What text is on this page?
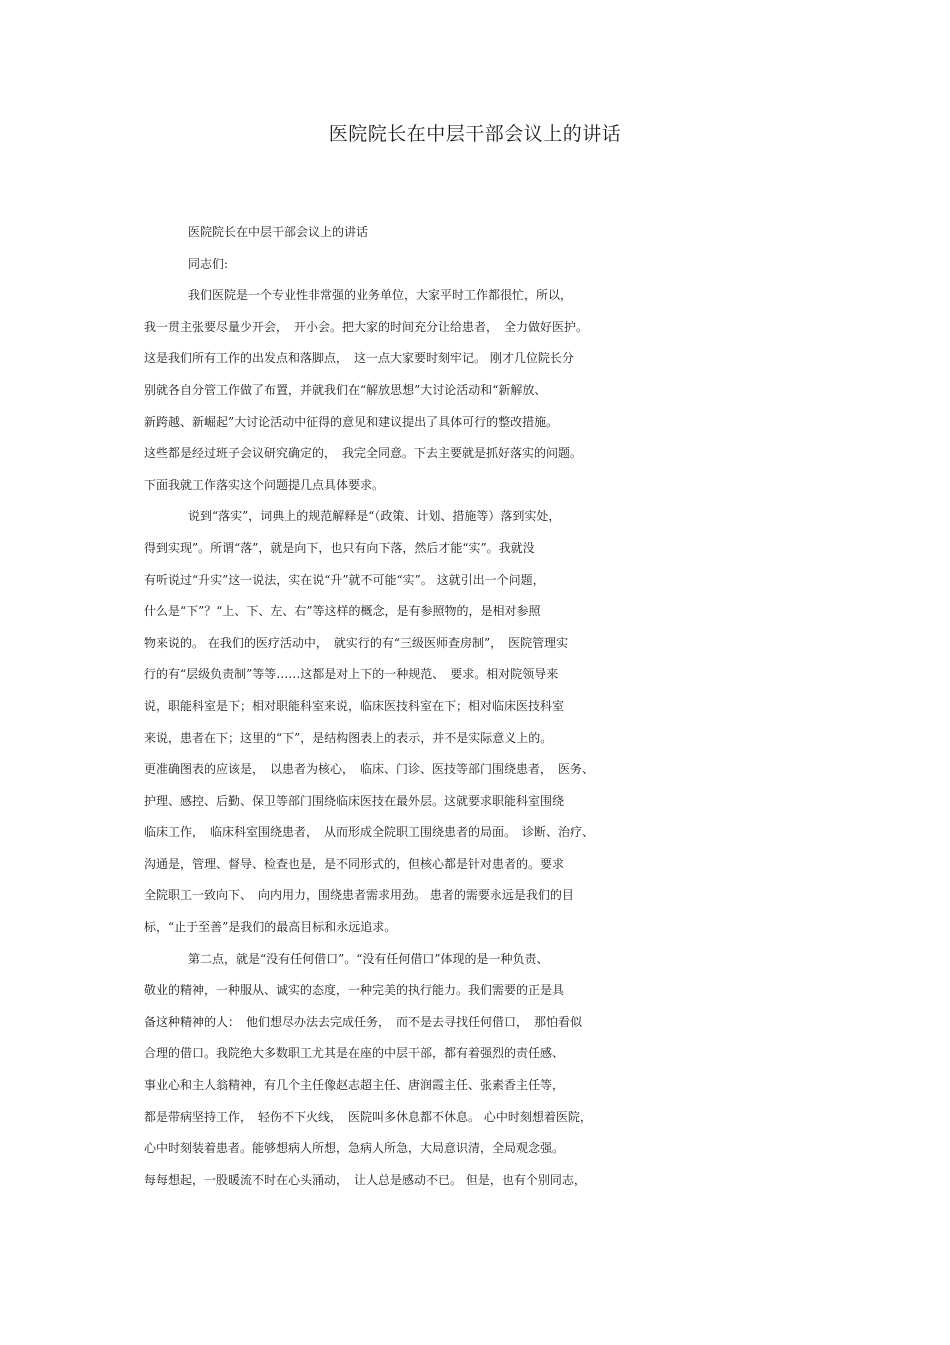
医院院长在中层干部会议上的讲话
医院院长在中层干部会议上的讲话
同志们:
我们医院是一个专业性非常强的业务单位，大家平时工作都很忙，所以，
我一贯主张要尽量少开会，　开小会。把大家的时间充分让给患者，　全力做好医护。
这是我们所有工作的出发点和落脚点，　这一点大家要时刻牢记。 刚才几位院长分
别就各自分管工作做了布置，并就我们在“解放思想”大讨论活动和“新解放、
新跨越、新崛起”大讨论活动中征得的意见和建议提出了具体可行的整改措施。
这些都是经过班子会议研究确定的，　我完全同意。下去主要就是抓好落实的问题。
下面我就工作落实这个问题提几点具体要求。
说到“落实”，词典上的规范解释是“（政策、计划、措施等）落到实处，
得到实现”。所谓“落”，就是向下，也只有向下落，然后才能“实”。我就没
有听说过“升实”这一说法，实在说“升”就不可能“实”。 这就引出一个问题，
什么是“下”？“上、下、左、右”等这样的概念，是有参照物的，是相对参照
物来说的。 在我们的医疗活动中，　就实行的有“三级医师查房制”，　医院管理实
行的有“层级负责制”等等……这都是对上下的一种规范、　要求。相对院领导来
说，职能科室是下；相对职能科室来说，临床医技科室在下；相对临床医技科室
来说，患者在下；这里的“下”，是结构图表上的表示，并不是实际意义上的。
更准确图表的应该是，　以患者为核心，　临床、门诊、医技等部门围绕患者，　医务、
护理、感控、后勤、保卫等部门围绕临床医技在最外层。这就要求职能科室围绕
临床工作，　临床科室围绕患者，　从而形成全院职工围绕患者的局面。　诊断、治疗、
沟通是，管理、督导、检查也是，是不同形式的，但核心都是针对患者的。要求
全院职工一致向下、　向内用力，围绕患者需求用劲。 患者的需要永远是我们的目
标，“止于至善”是我们的最高目标和永远追求。
第二点，就是“没有任何借口”。“没有任何借口”体现的是一种负责、
敬业的精神，一种服从、诚实的态度，一种完美的执行能力。我们需要的正是具
备这种精神的人：　他们想尽办法去完成任务，　而不是去寻找任何借口，　那怕看似
合理的借口。我院绝大多数职工尤其是在座的中层干部，都有着强烈的责任感、
事业心和主人翁精神，有几个主任像赵志超主任、唐润霞主任、张素香主任等，
都是带病坚持工作，　轻伤不下火线，　医院叫多休息都不休息。 心中时刻想着医院，
心中时刻装着患者。能够想病人所想，急病人所急，大局意识清，全局观念强。
每每想起，一股暖流不时在心头涌动，　让人总是感动不已。 但是，也有个别同志，
